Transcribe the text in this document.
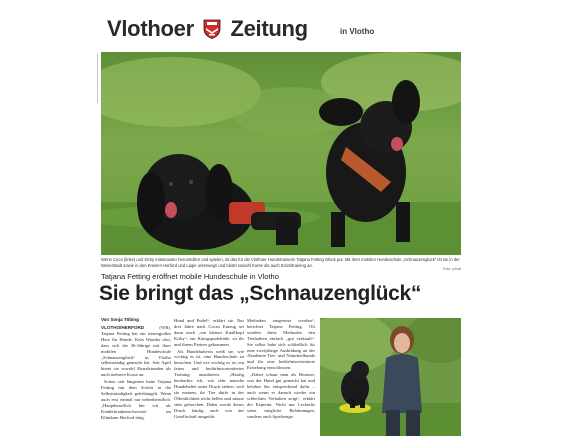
Vlothoer Zeitung	in Vlotho
Wenn Coco (links) und Kirby miteinander herumtollen und spielen, ist das für die Vlothoer Hundetrainerin Tatjana Fetting Glück pur. Mit ihrer mobilen Hundeschule „Schnauzenglück“ ist sie in der Weserstadt sowie in den Kreisen Herford und Lippe unterwegs und bietet sowohl Kurse als auch Einzeltraining an.
Foto: privat
Tatjana Fetting eröffnet mobile Hundeschule in Vlotho
Sie bringt das „Schnauzenglück“
Von Sonja Töbing

VLOTHO/HERFORD	(WB). Tatjana Fetting hat ein riesengroßes Herz für Hunde. Kein Wunder also, dass sich die 36-Jährige mit ihrer mobilen Hundeschule „Schnauzenglück“ in Vlotho selbstständig gemacht hat. Seit April bietet sie sowohl Einzelstunden als auch mehrere Kurse an.

Schon seit längerem hatte Tatjana Fetting mit dem Schritt in die Selbstständigkeit geliebäugelt. Wenn auch erst einmal nur nebenberuflich. „Hauptberuflich bin ich als Kinderkrankenschwester im Klinikum Herford tätig.

Hund und Pudel“, erklärt sie. Nur drei Jahre nach Cocos Einzug sei dann noch „ein kleiner Knallkopf Kirby“, ein Königspudelrüde, zu ihr und ihrem Partner gekommen.

Als Hundehalterin weiß sie, wie wichtig es ist, eine Hundeschule zu besuchen. Und wie wichtig es ist, ein faires und bedürfnisorientiertes Training anzubieten. „Häufig beobachte ich, wie sehr manche Hundehalter unter Druck stehen, weil sie meinen, ihr Tier dürfe in der Öffentlichkeit nicht bellen und müsse stets gehorchen. Daher werde dieser Druck häufig auch von der Gesellschaft ausgeübt.

Methoden eingesetzt werden“, berichtet Tatjana Fetting. Oft würden diese Methoden den Tierhaltern einfach „gut verkauft“. Sie selbst habe sich schließlich für eine zweijährige Ausbildung an der Akademie Tier- und Naturheilkunde und für eine bedürfnisorientierte Erziehung entschlossen.

„Dabei schaut man als Besitzer, was der Hund gut gemacht hat und belohnt ihn entsprechend dafür – auch wenn er danach wieder ein schlechtes Verhalten zeigt“, erklärt die Expertin. Nicht nur Leckerlis seien mögliche Belohnungen, sondern auch Spielzeuge.
